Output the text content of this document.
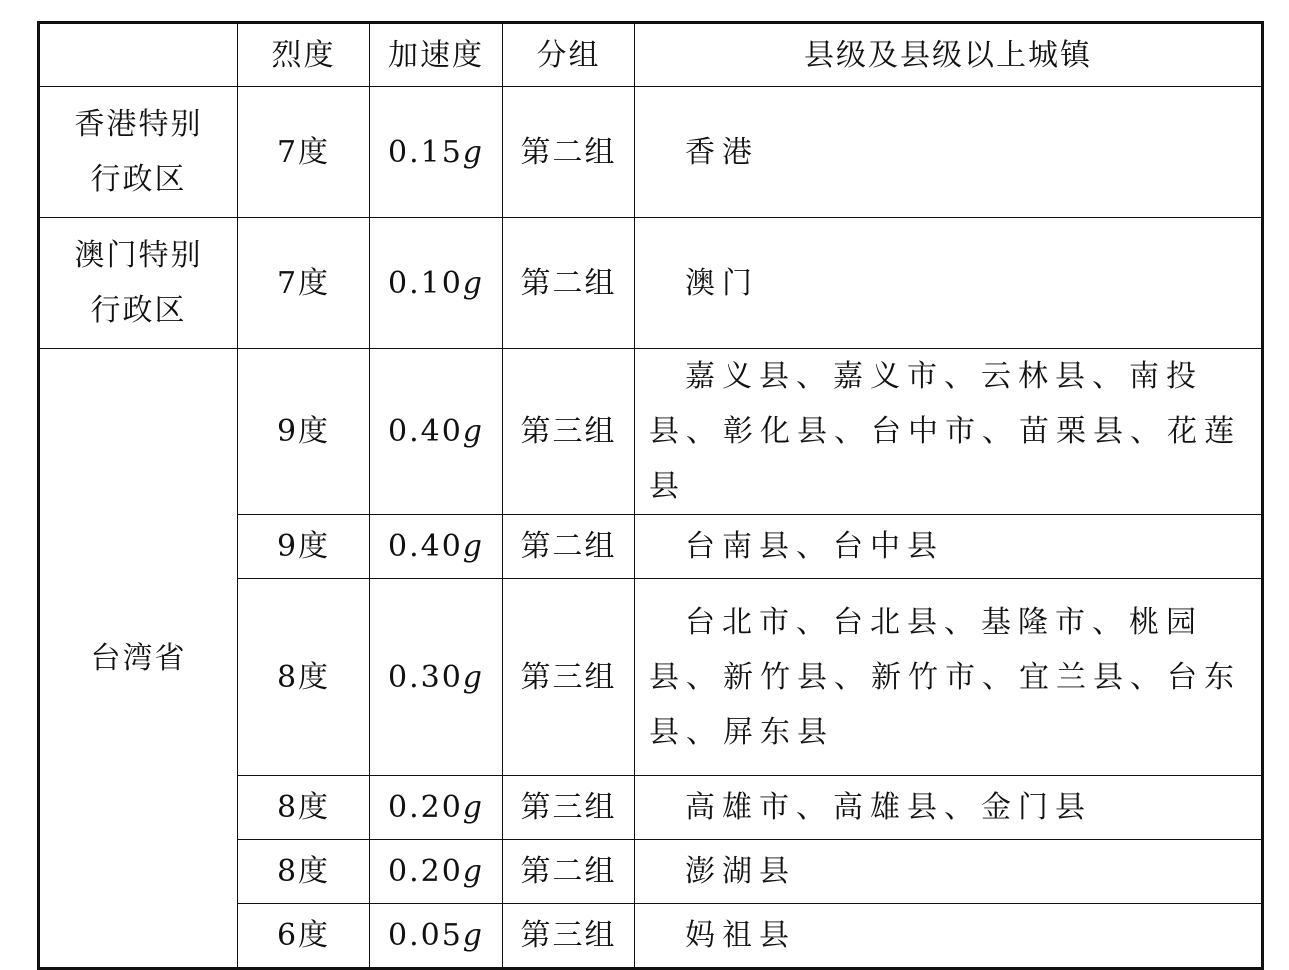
	烈度	加速度	分组	县级及县级以上城镇
香港特别
行政区	7度	0.15g	第二组	香港
澳门特别
行政区	7度	0.10g	第二组	澳门
台湾省	9度	0.40g	第三组	嘉义县、嘉义市、云林县、南投县、彰化县、台中市、苗栗县、花莲县
	9度	0.40g	第二组	台南县、台中县
	8度	0.30g	第三组	台北市、台北县、基隆市、桃园县、新竹县、新竹市、宜兰县、台东县、屏东县
	8度	0.20g	第三组	高雄市、高雄县、金门县
	8度	0.20g	第二组	澎湖县
	6度	0.05g	第三组	妈祖县
